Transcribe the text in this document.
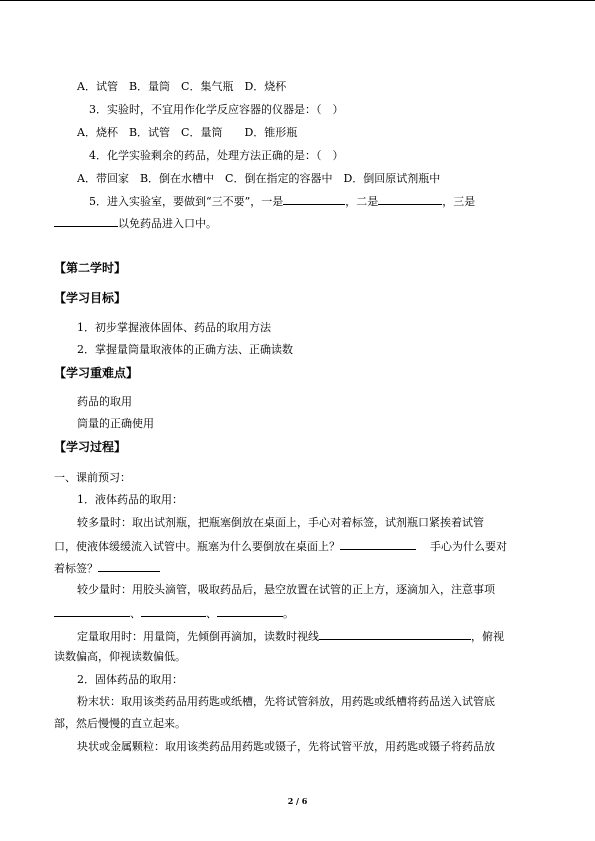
A．试管　B．量筒　C．集气瓶　D．烧杯
3．实验时，不宜用作化学反应容器的仪器是：（　）
A．烧杯　B．试管　C．量筒　　D．锥形瓶
4．化学实验剩余的药品，处理方法正确的是：（　）
A．带回家　B．倒在水槽中　C．倒在指定的容器中　D．倒回原试剂瓶中
5．进入实验室，要做到“三不要”，一是	，二是	，三是
以免药品进入口中。
【第二学时】
【学习目标】
1．初步掌握液体固体、药品的取用方法
2．掌握量筒量取液体的正确方法、正确读数
【学习重难点】
药品的取用
筒量的正确使用
【学习过程】
一、课前预习：
1．液体药品的取用：
较多量时：取出试剂瓶，把瓶塞倒放在桌面上，手心对着标签，试剂瓶口紧挨着试管
口，使液体缓缓流入试管中。瓶塞为什么要倒放在桌面上？	手心为什么要对
着标签？
较少量时：用胶头滴管，吸取药品后，悬空放置在试管的正上方，逐滴加入，注意事项
、	、	。
定量取用时：用量筒，先倾倒再滴加，读数时视线	，俯视
读数偏高，仰视读数偏低。
2．固体药品的取用：
粉末状：取用该类药品用药匙或纸槽，先将试管斜放，用药匙或纸槽将药品送入试管底
部，然后慢慢的直立起来。
块状或金属颗粒：取用该类药品用药匙或镊子，先将试管平放，用药匙或镊子将药品放
2 / 6
